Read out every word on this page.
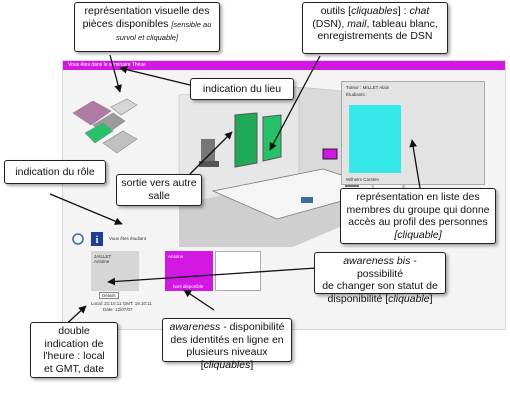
Vous êtes dans le séminaire Thèse
Tuteur : MILLET Alain
Étudiants :
Wilhelm Carsten
i Vous êtes étudiant
JAILLET
Antoine
Antoine
hors disponible
Détails
Local: 21:10:11 GMT: 19:10:11
Date: 12/07/07
représentation visuelle des
pièces disponibles [sensible au
survol et cliquable]
outils [cliquables] : chat
(DSN), mail, tableau blanc,
enregistrements de DSN
indication du lieu
indication du rôle
sortie vers autre
salle	représentation en liste des
membres du groupe qui donne
accès au profil des personnes
[cliquable]
awareness bis - possibilité
de changer son statut de
disponibilité [cliquable]
awareness - disponibilité
des identités en ligne en
plusieurs niveaux [cliquables]
double
indication de
l'heure : local
et GMT, date
